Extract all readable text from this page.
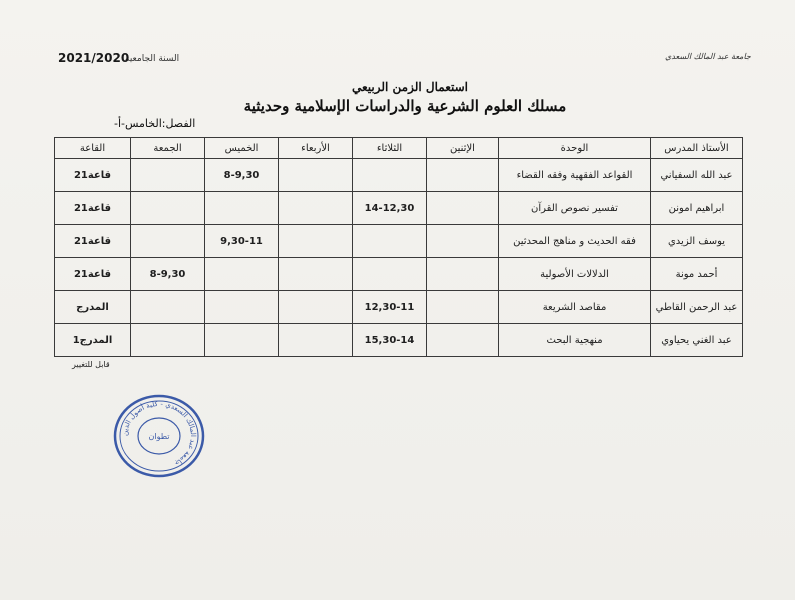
جامعة عبد المالك السعدي
السنة الجامعية
2021/2020
استعمال الزمن الربيعي
مسلك العلوم الشرعية والدراسات الإسلامية وحديثية
الفصل:الخامس-أ-
الأستاذ المدرس	الوحدة	الإثنين	الثلاثاء	الأربعاء	الخميس	الجمعة	القاعة
عبد الله السفياني	القواعد الفقهية وفقه القضاء				8-9,30		قاعة21
ابراهيم امونن	تفسير نصوص القرآن		14-12,30				قاعة21
يوسف الزيدي	فقه الحديث و مناهج المحدثين				9,30-11		قاعة21
أحمد مونة	الدلالات الأصولية					8-9,30	قاعة21
عبد الرحمن القاطي	مقاصد الشريعة		12,30-11				المدرج
عبد الغني يحياوي	منهجية البحث		15,30-14				المدرج1
قابل للتغيير
جامعة عبد المالك السعدي - كلية أصول الدين
تطوان
